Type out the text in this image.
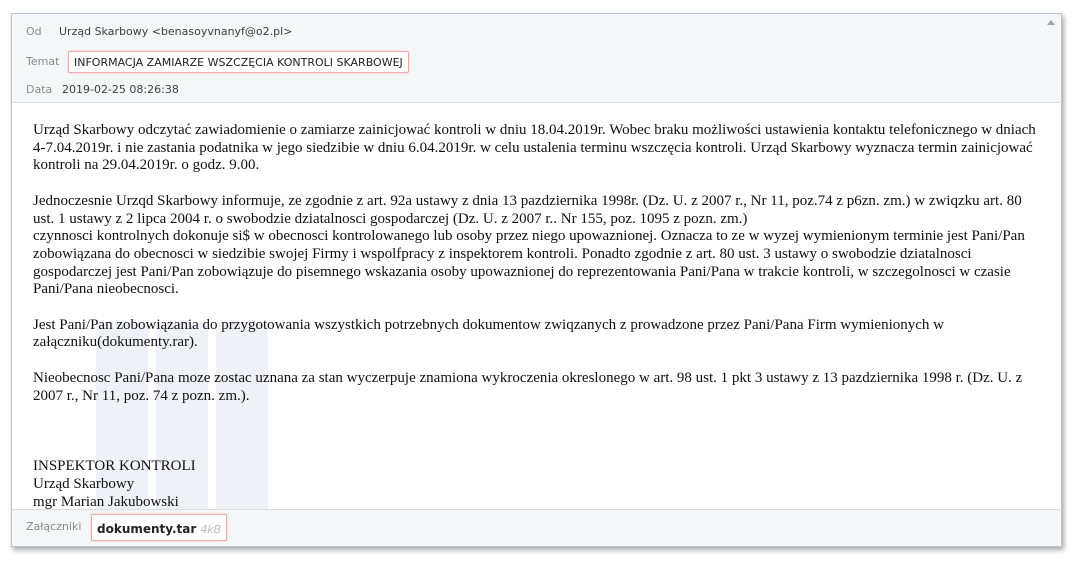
Od Urząd Skarbowy <benasoyvnanyf@o2.pl>
Temat	INFORMACJA ZAMIARZE WSZCZĘCIA KONTROLI SKARBOWEJ
Data 2019-02-25 08:26:38

Urząd Skarbowy odczytać zawiadomienie o zamiarze zainicjować kontroli w dniu 18.04.2019r. Wobec braku możliwości ustawienia kontaktu telefonicznego w dniach 4-7.04.2019r. i nie zastania podatnika w jego siedzibie w dniu 6.04.2019r. w celu ustalenia terminu wszczęcia kontroli. Urząd Skarbowy wyznacza termin zainicjować kontroli na 29.04.2019r. o godz. 9.00.

Jednoczesnie Urzqd Skarbowy informuje, ze zgodnie z art. 92a ustawy z dnia 13 pazdziernika 1998r. (Dz. U. z 2007 r., Nr 11, poz.74 z p6zn. zm.) w zwiqzku art. 80 ust. 1 ustawy z 2 lipca 2004 r. o swobodzie dziatalnosci gospodarczej (Dz. U. z 2007 r.. Nr 155, poz. 1095 z pozn. zm.)
czynnosci kontrolnych dokonuje si$ w obecnosci kontrolowanego lub osoby przez niego upowaznionej. Oznacza to ze w wyzej wymienionym terminie jest Pani/Pan zobowiązana do obecnosci w siedzibie swojej Firmy i wspolfpracy z inspektorem kontroli. Ponadto zgodnie z art. 80 ust. 3 ustawy o swobodzie dziatalnosci gospodarczej jest Pani/Pan zobowiązuje do pisemnego wskazania osoby upowaznionej do reprezentowania Pani/Pana w trakcie kontroli, w szczegolnosci w czasie Pani/Pana nieobecnosci.

Jest Pani/Pan zobowiązania do przygotowania wszystkich potrzebnych dokumentow zwiqzanych z prowadzone przez Pani/Pana Firm wymienionych w załączniku(dokumenty.rar).

Nieobecnosc Pani/Pana moze zostac uznana za stan wyczerpuje znamiona wykroczenia okreslonego w art. 98 ust. 1 pkt 3 ustawy z 13 pazdziernika 1998 r. (Dz. U. z 2007 r., Nr 11, poz. 74 z pozn. zm.).

INSPEKTOR KONTROLI
Urząd Skarbowy
mgr Marian Jakubowski

Załączniki	dokumenty.tar 4kB
